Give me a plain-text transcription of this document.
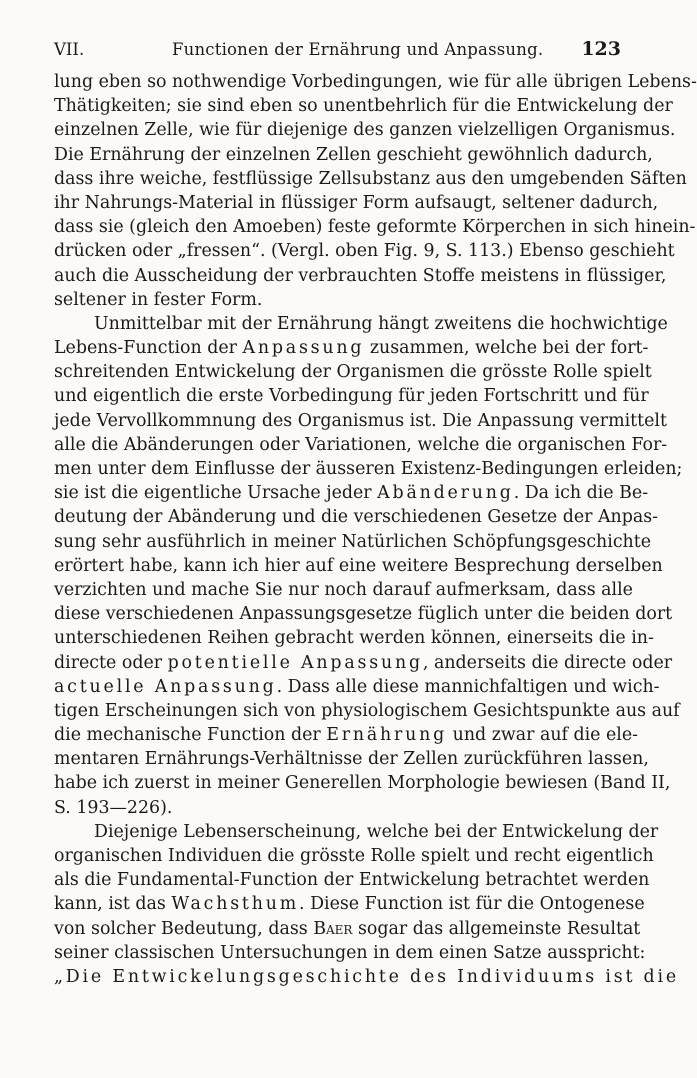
VII.	Functionen der Ernährung und Anpassung. 123
lung eben so nothwendige Vorbedingungen, wie für alle übrigen Lebens-
Thätigkeiten; sie sind eben so unentbehrlich für die Entwickelung der
einzelnen Zelle, wie für diejenige des ganzen vielzelligen Organismus.
Die Ernährung der einzelnen Zellen geschieht gewöhnlich dadurch,
dass ihre weiche, festflüssige Zellsubstanz aus den umgebenden Säften
ihr Nahrungs-Material in flüssiger Form aufsaugt, seltener dadurch,
dass sie (gleich den Amoeben) feste geformte Körperchen in sich hinein-
drücken oder „fressen“. (Vergl. oben Fig. 9, S. 113.) Ebenso geschieht
auch die Ausscheidung der verbrauchten Stoffe meistens in flüssiger,
seltener in fester Form.
Unmittelbar mit der Ernährung hängt zweitens die hochwichtige
Lebens-Function der Anpassung zusammen, welche bei der fort-
schreitenden Entwickelung der Organismen die grösste Rolle spielt
und eigentlich die erste Vorbedingung für jeden Fortschritt und für
jede Vervollkommnung des Organismus ist. Die Anpassung vermittelt
alle die Abänderungen oder Variationen, welche die organischen For-
men unter dem Einflusse der äusseren Existenz-Bedingungen erleiden;
sie ist die eigentliche Ursache jeder Abänderung. Da ich die Be-
deutung der Abänderung und die verschiedenen Gesetze der Anpas-
sung sehr ausführlich in meiner Natürlichen Schöpfungsgeschichte
erörtert habe, kann ich hier auf eine weitere Besprechung derselben
verzichten und mache Sie nur noch darauf aufmerksam, dass alle
diese verschiedenen Anpassungsgesetze füglich unter die beiden dort
unterschiedenen Reihen gebracht werden können, einerseits die in-
directe oder potentielle Anpassung, anderseits die directe oder
actuelle Anpassung. Dass alle diese mannichfaltigen und wich-
tigen Erscheinungen sich von physiologischem Gesichtspunkte aus auf
die mechanische Function der Ernährung und zwar auf die ele-
mentaren Ernährungs-Verhältnisse der Zellen zurückführen lassen,
habe ich zuerst in meiner Generellen Morphologie bewiesen (Band II,
S. 193—226).
Diejenige Lebenserscheinung, welche bei der Entwickelung der
organischen Individuen die grösste Rolle spielt und recht eigentlich
als die Fundamental-Function der Entwickelung betrachtet werden
kann, ist das Wachsthum. Diese Function ist für die Ontogenese
von solcher Bedeutung, dass Baer sogar das allgemeinste Resultat
seiner classischen Untersuchungen in dem einen Satze ausspricht:
„Die Entwickelungsgeschichte des Individuums ist die
